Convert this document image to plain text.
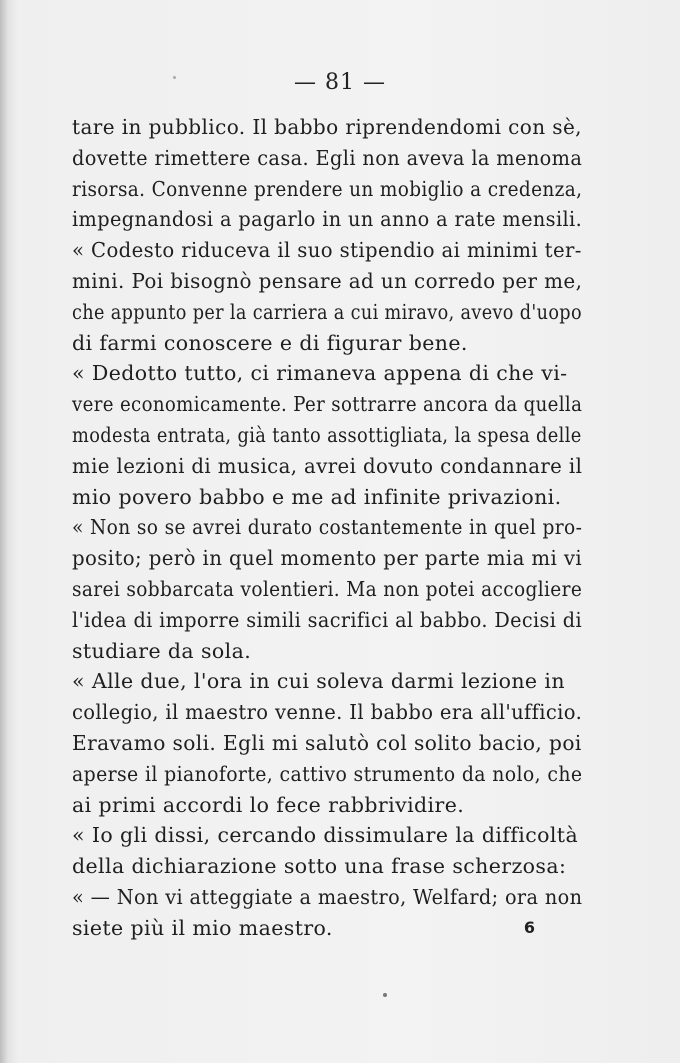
— 81 —
tare in pubblico. Il babbo riprendendomi con sè,
dovette rimettere casa. Egli non aveva la menoma
risorsa. Convenne prendere un mobiglio a credenza,
impegnandosi a pagarlo in un anno a rate mensili.
« Codesto riduceva il suo stipendio ai minimi ter-
mini. Poi bisognò pensare ad un corredo per me,
che appunto per la carriera a cui miravo, avevo d'uopo
di farmi conoscere e di figurar bene.
« Dedotto tutto, ci rimaneva appena di che vi-
vere economicamente. Per sottrarre ancora da quella
modesta entrata, già tanto assottigliata, la spesa delle
mie lezioni di musica, avrei dovuto condannare il
mio povero babbo e me ad infinite privazioni.
« Non so se avrei durato costantemente in quel pro-
posito; però in quel momento per parte mia mi vi
sarei sobbarcata volentieri. Ma non potei accogliere
l'idea di imporre simili sacrifici al babbo. Decisi di
studiare da sola.
« Alle due, l'ora in cui soleva darmi lezione in
collegio, il maestro venne. Il babbo era all'ufficio.
Eravamo soli. Egli mi salutò col solito bacio, poi
aperse il pianoforte, cattivo strumento da nolo, che
ai primi accordi lo fece rabbrividire.
« Io gli dissi, cercando dissimulare la difficoltà
della dichiarazione sotto una frase scherzosa:
« — Non vi atteggiate a maestro, Welfard; ora non
siete più il mio maestro.	6
